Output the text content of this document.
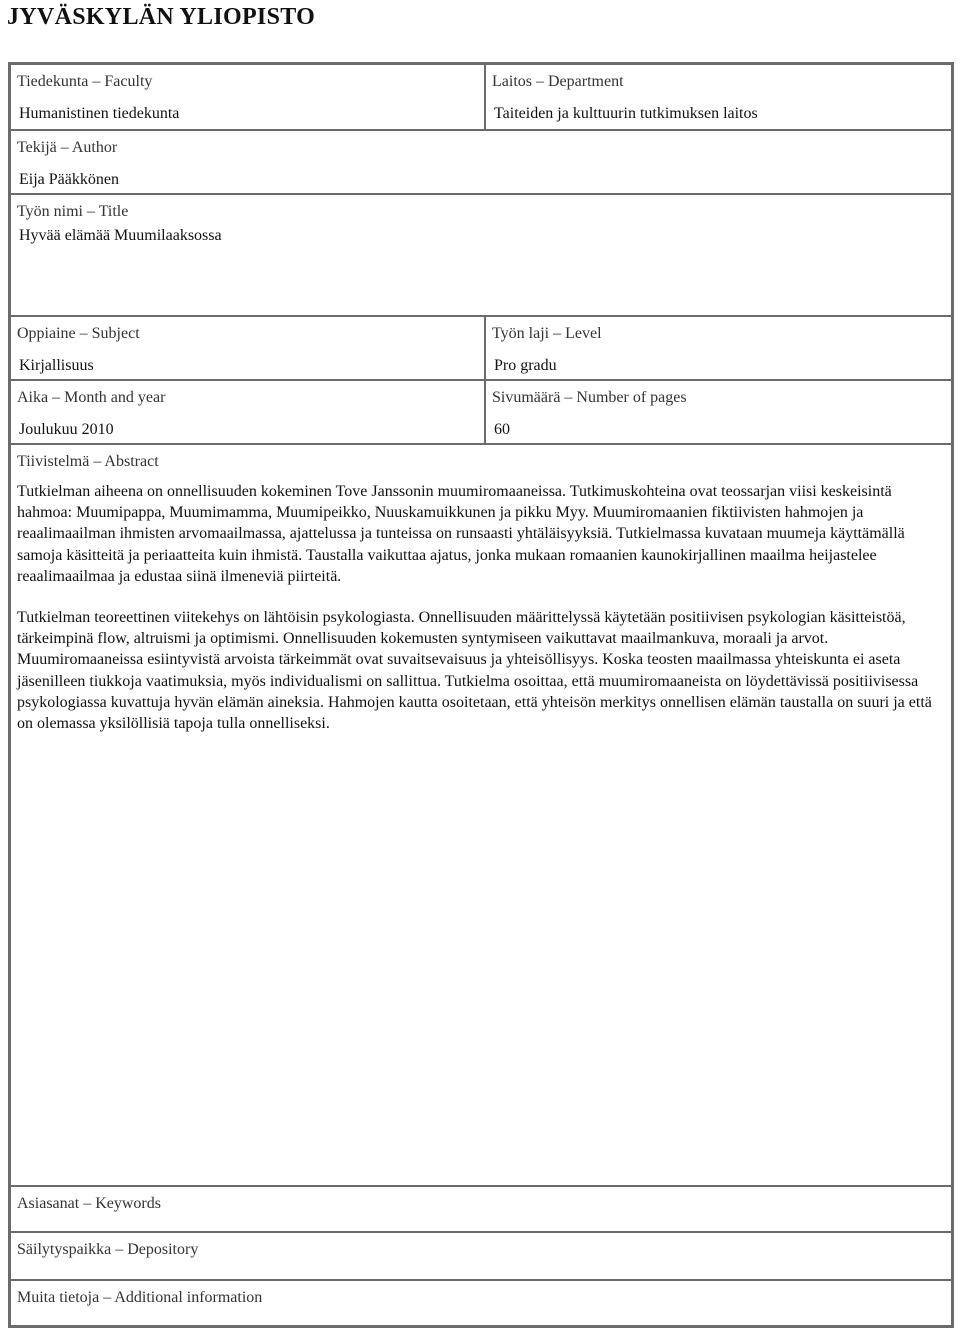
JYVÄSKYLÄN YLIOPISTO
Tiedekunta – Faculty
Humanistinen tiedekunta
Laitos – Department
Taiteiden ja kulttuurin tutkimuksen laitos
Tekijä – Author
Eija Pääkkönen
Työn nimi – Title
Hyvää elämää Muumilaaksossa
Oppiaine – Subject
Kirjallisuus
Työn laji – Level
Pro gradu
Aika – Month and year
Joulukuu 2010
Sivumäärä – Number of pages
60
Tiivistelmä – Abstract

Tutkielman aiheena on onnellisuuden kokeminen Tove Janssonin muumiromaaneissa. Tutkimuskohteina ovat teossarjan viisi keskeisintä hahmoa: Muumipappa, Muumimamma, Muumipeikko, Nuuskamuikkunen ja pikku Myy. Muumiromaanien fiktiivisten hahmojen ja reaalimaailman ihmisten arvomaailmassa, ajattelussa ja tunteissa on runsaasti yhtäläisyyksiä. Tutkielmassa kuvataan muumeja käyttämällä samoja käsitteitä ja periaatteita kuin ihmistä. Taustalla vaikuttaa ajatus, jonka mukaan romaanien kaunokirjallinen maailma heijastelee reaalimaailmaa ja edustaa siinä ilmeneviä piirteitä.

Tutkielman teoreettinen viitekehys on lähtöisin psykologiasta. Onnellisuuden määrittelyssä käytetään positiivisen psykologian käsitteistöä, tärkeimpinä flow, altruismi ja optimismi. Onnellisuuden kokemusten syntymiseen vaikuttavat maailmankuva, moraali ja arvot. Muumiromaaneissa esiintyvistä arvoista tärkeimmät ovat suvaitsevaisuus ja yhteisöllisyys. Koska teosten maailmassa yhteiskunta ei aseta jäsenilleen tiukkoja vaatimuksia, myös individualismi on sallittua. Tutkielma osoittaa, että muumiromaaneista on löydettävissä positiivisessa psykologiassa kuvattuja hyvän elämän aineksia. Hahmojen kautta osoitetaan, että yhteisön merkitys onnellisen elämän taustalla on suuri ja että on olemassa yksilöllisiä tapoja tulla onnelliseksi.

Asiasanat – Keywords
Säilytyspaikka – Depository
Muita tietoja – Additional information
